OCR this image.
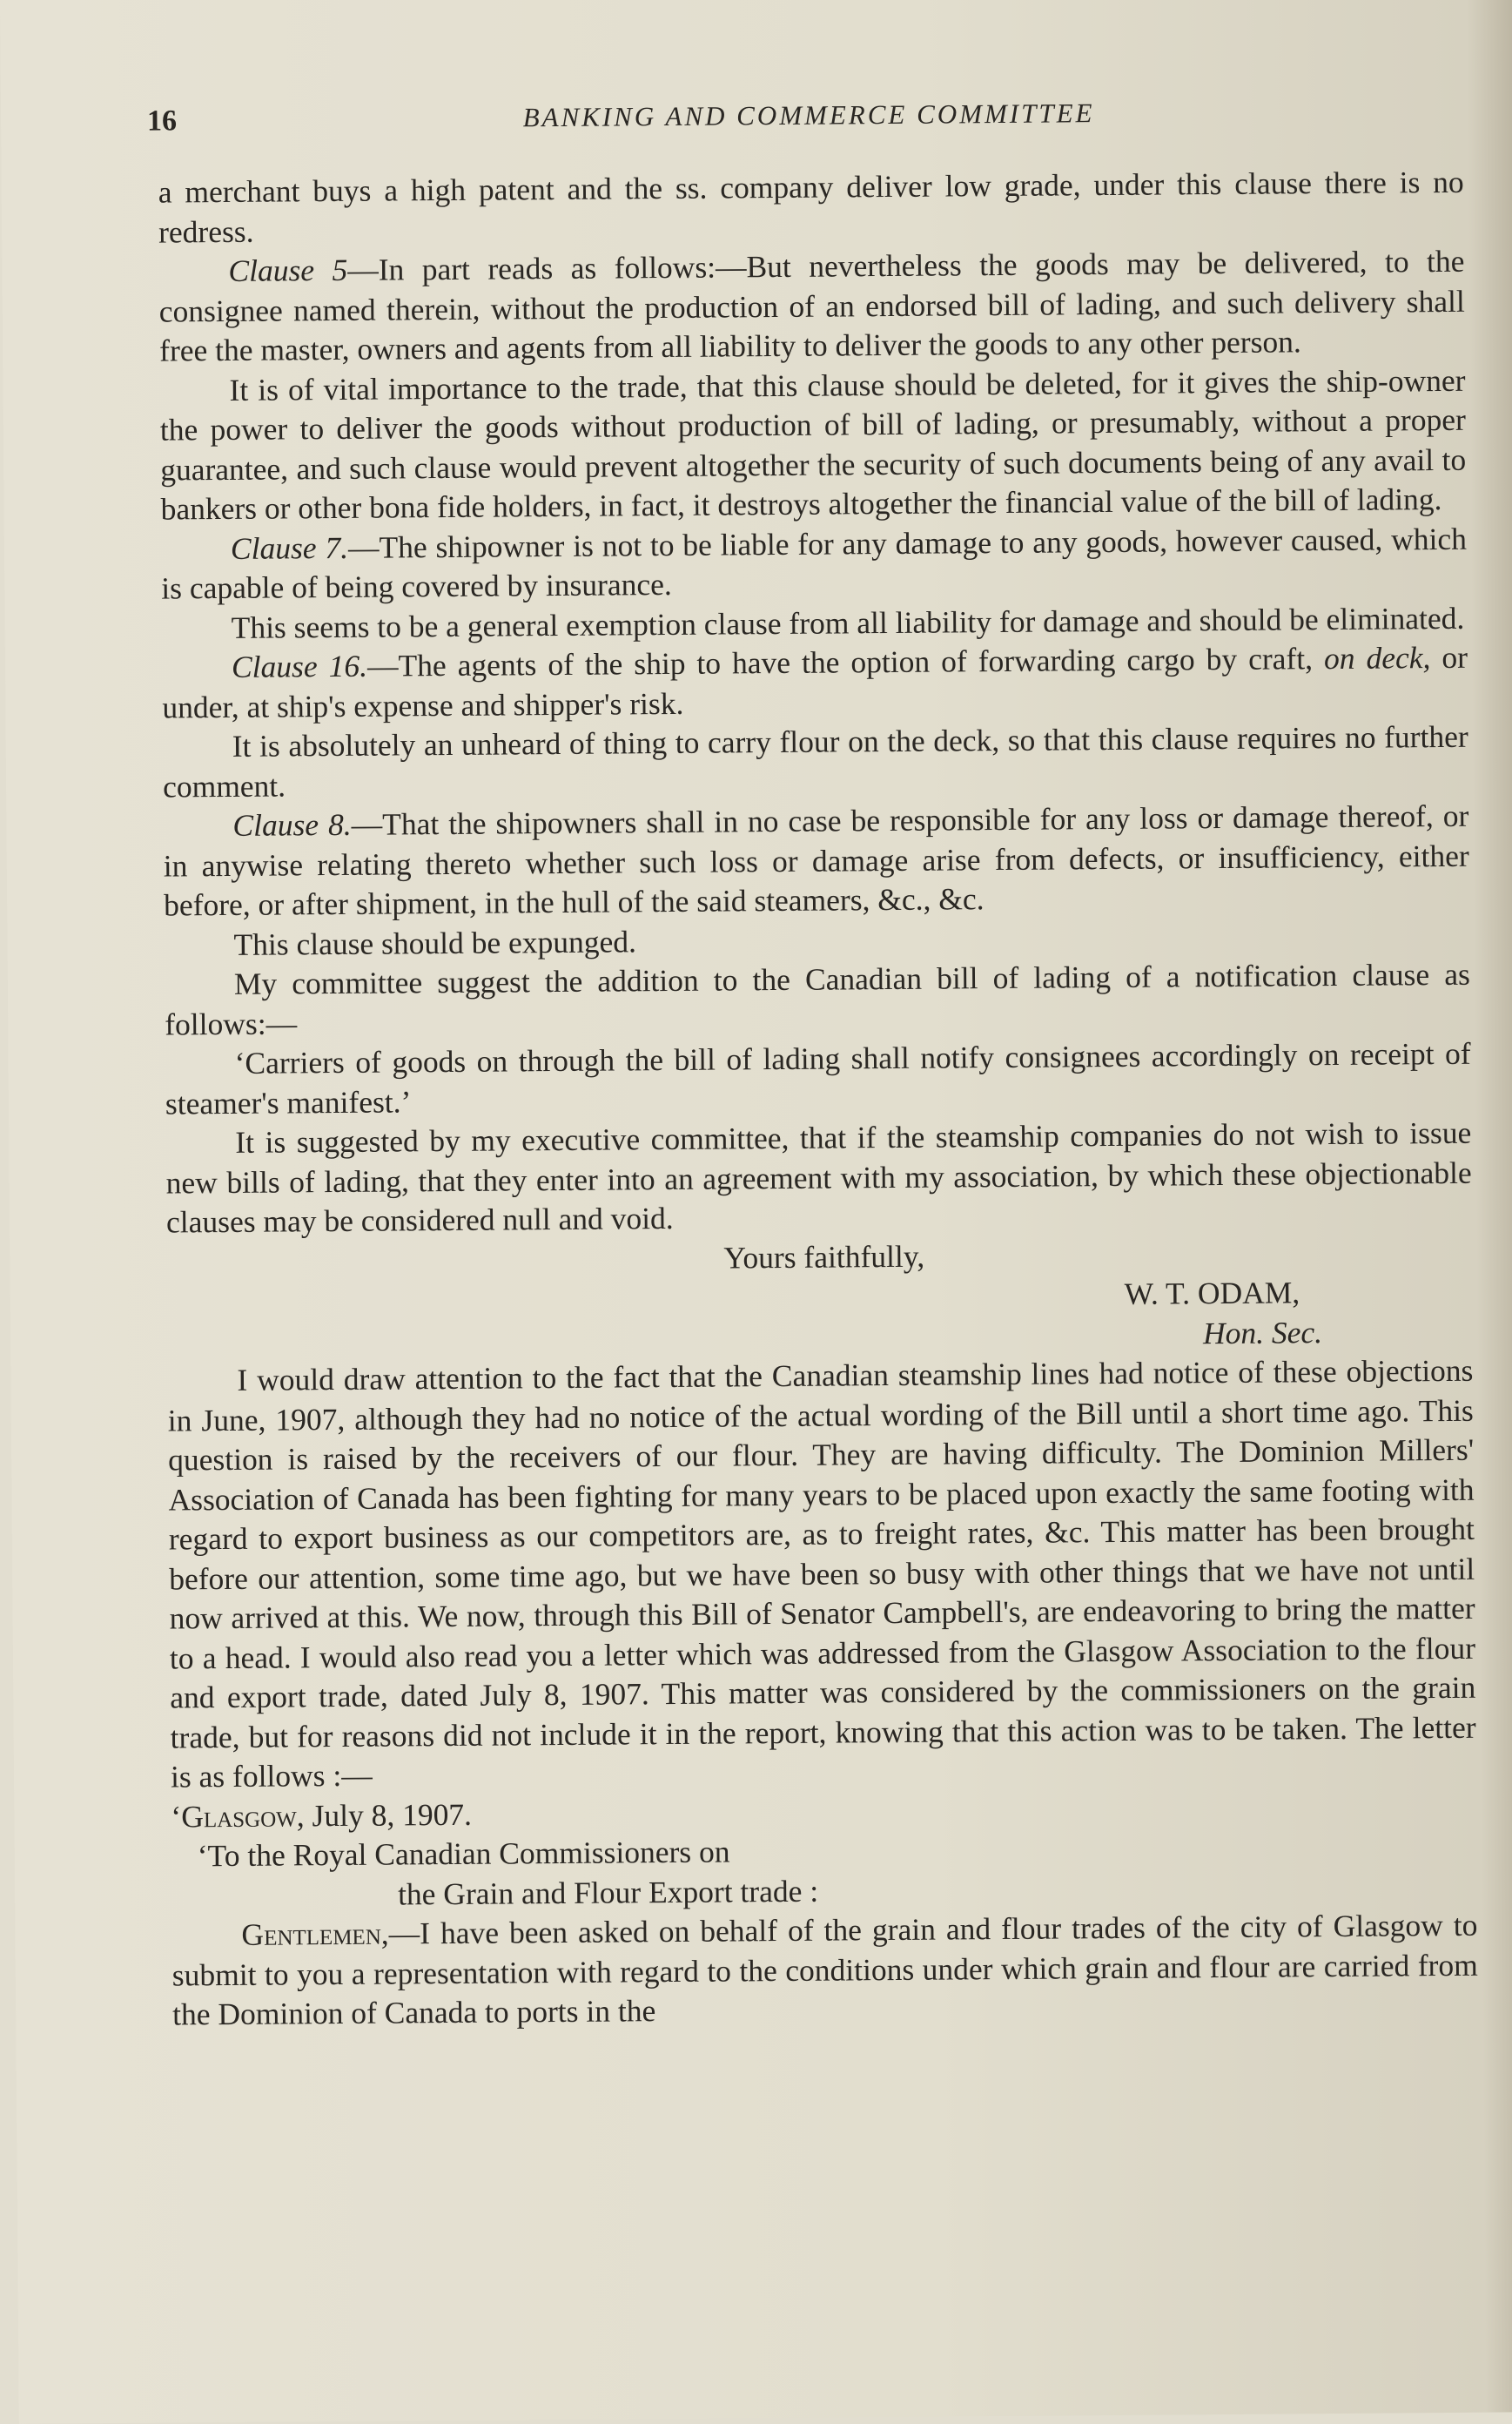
16	BANKING AND COMMERCE COMMITTEE

a merchant buys a high patent and the ss. company deliver low grade, under this clause there is no redress.

Clause 5—In part reads as follows:—But nevertheless the goods may be delivered, to the consignee named therein, without the production of an endorsed bill of lading, and such delivery shall free the master, owners and agents from all liability to deliver the goods to any other person.

It is of vital importance to the trade, that this clause should be deleted, for it gives the ship-owner the power to deliver the goods without production of bill of lading, or presumably, without a proper guarantee, and such clause would prevent altogether the security of such documents being of any avail to bankers or other bona fide holders, in fact, it destroys altogether the financial value of the bill of lading.

Clause 7.—The shipowner is not to be liable for any damage to any goods, however caused, which is capable of being covered by insurance.

This seems to be a general exemption clause from all liability for damage and should be eliminated.

Clause 16.—The agents of the ship to have the option of forwarding cargo by craft, on deck, or under, at ship's expense and shipper's risk.

It is absolutely an unheard of thing to carry flour on the deck, so that this clause requires no further comment.

Clause 8.—That the shipowners shall in no case be responsible for any loss or damage thereof, or in anywise relating thereto whether such loss or damage arise from defects, or insufficiency, either before, or after shipment, in the hull of the said steamers, &c., &c.

This clause should be expunged.

My committee suggest the addition to the Canadian bill of lading of a notification clause as follows:—

‘Carriers of goods on through the bill of lading shall notify consignees accordingly on receipt of steamer's manifest.’

It is suggested by my executive committee, that if the steamship companies do not wish to issue new bills of lading, that they enter into an agreement with my association, by which these objectionable clauses may be considered null and void.

Yours faithfully,

W. T. ODAM,

Hon. Sec.

I would draw attention to the fact that the Canadian steamship lines had notice of these objections in June, 1907, although they had no notice of the actual wording of the Bill until a short time ago. This question is raised by the receivers of our flour. They are having difficulty. The Dominion Millers' Association of Canada has been fighting for many years to be placed upon exactly the same footing with regard to export business as our competitors are, as to freight rates, &c. This matter has been brought before our attention, some time ago, but we have been so busy with other things that we have not until now arrived at this. We now, through this Bill of Senator Campbell's, are endeavoring to bring the matter to a head. I would also read you a letter which was addressed from the Glasgow Association to the flour and export trade, dated July 8, 1907. This matter was considered by the commissioners on the grain trade, but for reasons did not include it in the report, knowing that this action was to be taken. The letter is as follows :—

‘Glasgow, July 8, 1907.

‘To the Royal Canadian Commissioners on

the Grain and Flour Export trade :

Gentlemen,—I have been asked on behalf of the grain and flour trades of the city of Glasgow to submit to you a representation with regard to the conditions under which grain and flour are carried from the Dominion of Canada to ports in the
